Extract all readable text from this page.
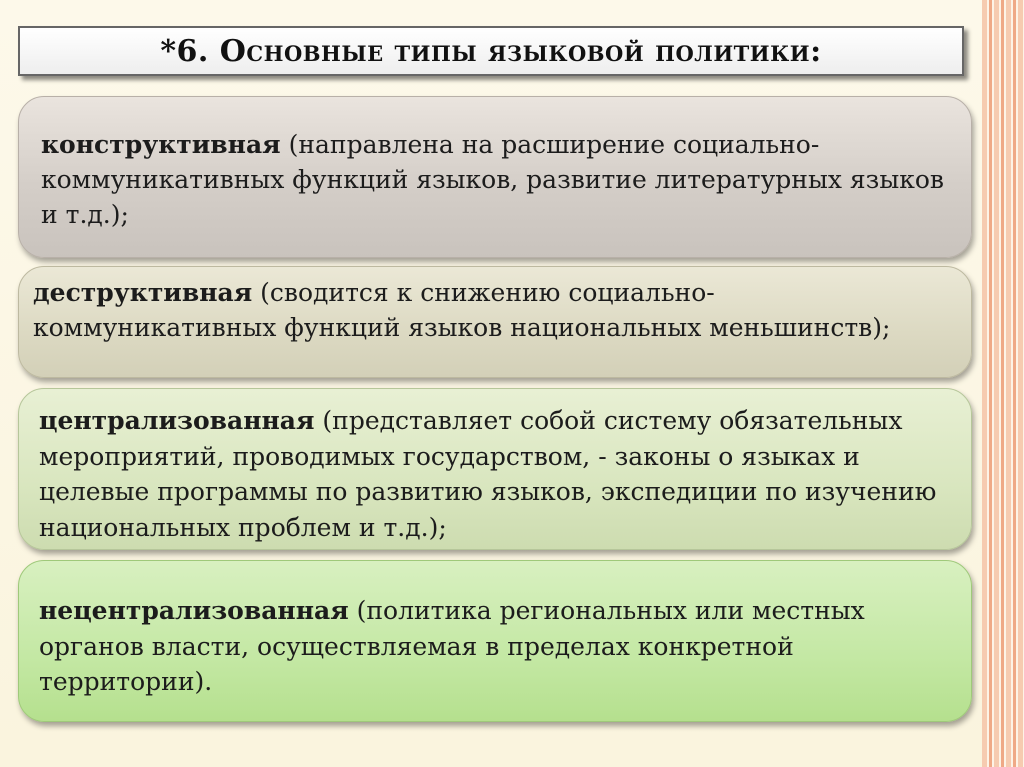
*6. Основные типы языковой политики:
конструктивная (направлена на расширение социально-коммуникативных функций языков, развитие литературных языков и т.д.);
деструктивная (сводится к снижению социально-коммуникативных функций языков национальных меньшинств);
централизованная (представляет собой систему обязательных мероприятий, проводимых государством, - законы о языках и целевые программы по развитию языков, экспедиции по изучению национальных проблем и т.д.);
нецентрализованная (политика региональных или местных органов власти, осуществляемая в пределах конкретной территории).
